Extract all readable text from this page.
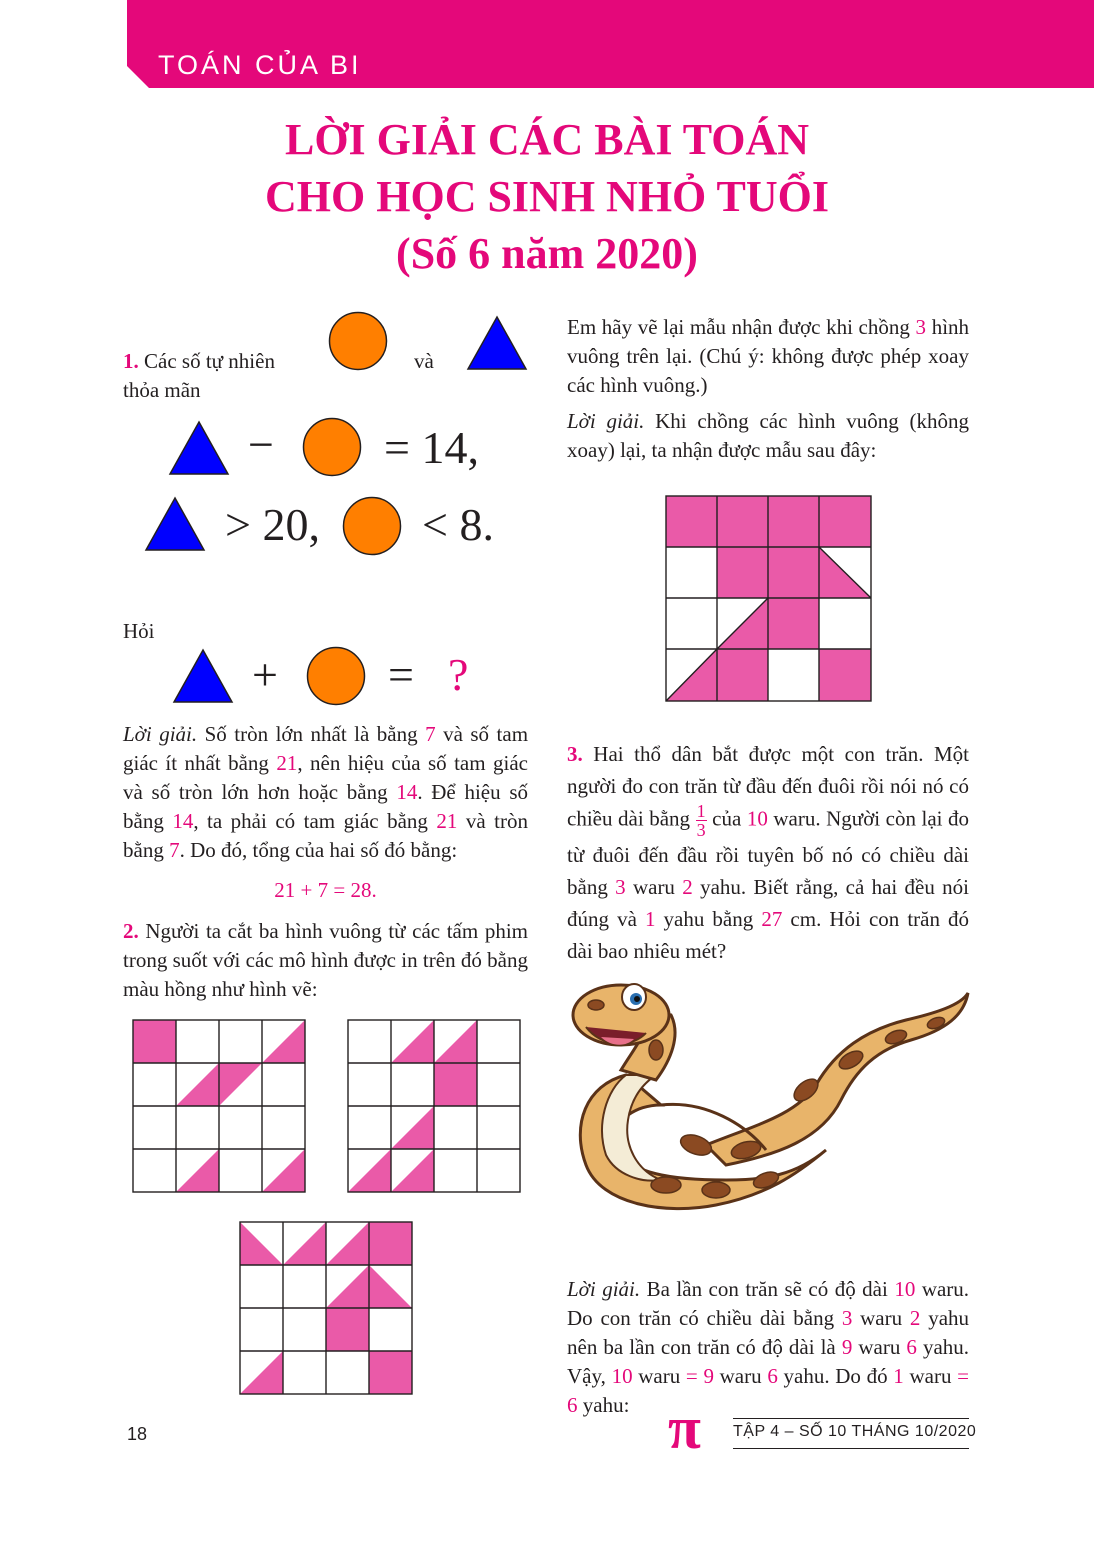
TOÁN CỦA BI
LỜI GIẢI CÁC BÀI TOÁN
CHO HỌC SINH NHỎ TUỔI
(Số 6 năm 2020)
1. Các số tự nhiên	và
thỏa mãn
− = 14,
> 20, < 8.
Hỏi
+ = ?
Lời giải. Số tròn lớn nhất là bằng 7 và số tam giác ít nhất bằng 21, nên hiệu của số tam giác và số tròn lớn hơn hoặc bằng 14. Để hiệu số bằng 14, ta phải có tam giác bằng 21 và tròn bằng 7. Do đó, tổng của hai số đó bằng:
21 + 7 = 28.
2. Người ta cắt ba hình vuông từ các tấm phim trong suốt với các mô hình được in trên đó bằng màu hồng như hình vẽ:
Em hãy vẽ lại mẫu nhận được khi chồng 3 hình vuông trên lại. (Chú ý: không được phép xoay các hình vuông.)
Lời giải. Khi chồng các hình vuông (không xoay) lại, ta nhận được mẫu sau đây:
3. Hai thổ dân bắt được một con trăn. Một người đo con trăn từ đầu đến đuôi rồi nói nó có chiều dài bằng $\frac{1}{3}$ của 10 waru. Người còn lại đo từ đuôi đến đầu rồi tuyên bố nó có chiều dài bằng 3 waru 2 yahu. Biết rằng, cả hai đều nói đúng và 1 yahu bằng 27 cm. Hỏi con trăn đó dài bao nhiêu mét?
Lời giải. Ba lần con trăn sẽ có độ dài 10 waru. Do con trăn có chiều dài bằng 3 waru 2 yahu nên ba lần con trăn có độ dài là 9 waru 6 yahu. Vậy, 10 waru = 9 waru 6 yahu. Do đó 1 waru = 6 yahu:
18	π TẬP 4 – SỐ 10 THÁNG 10/2020
